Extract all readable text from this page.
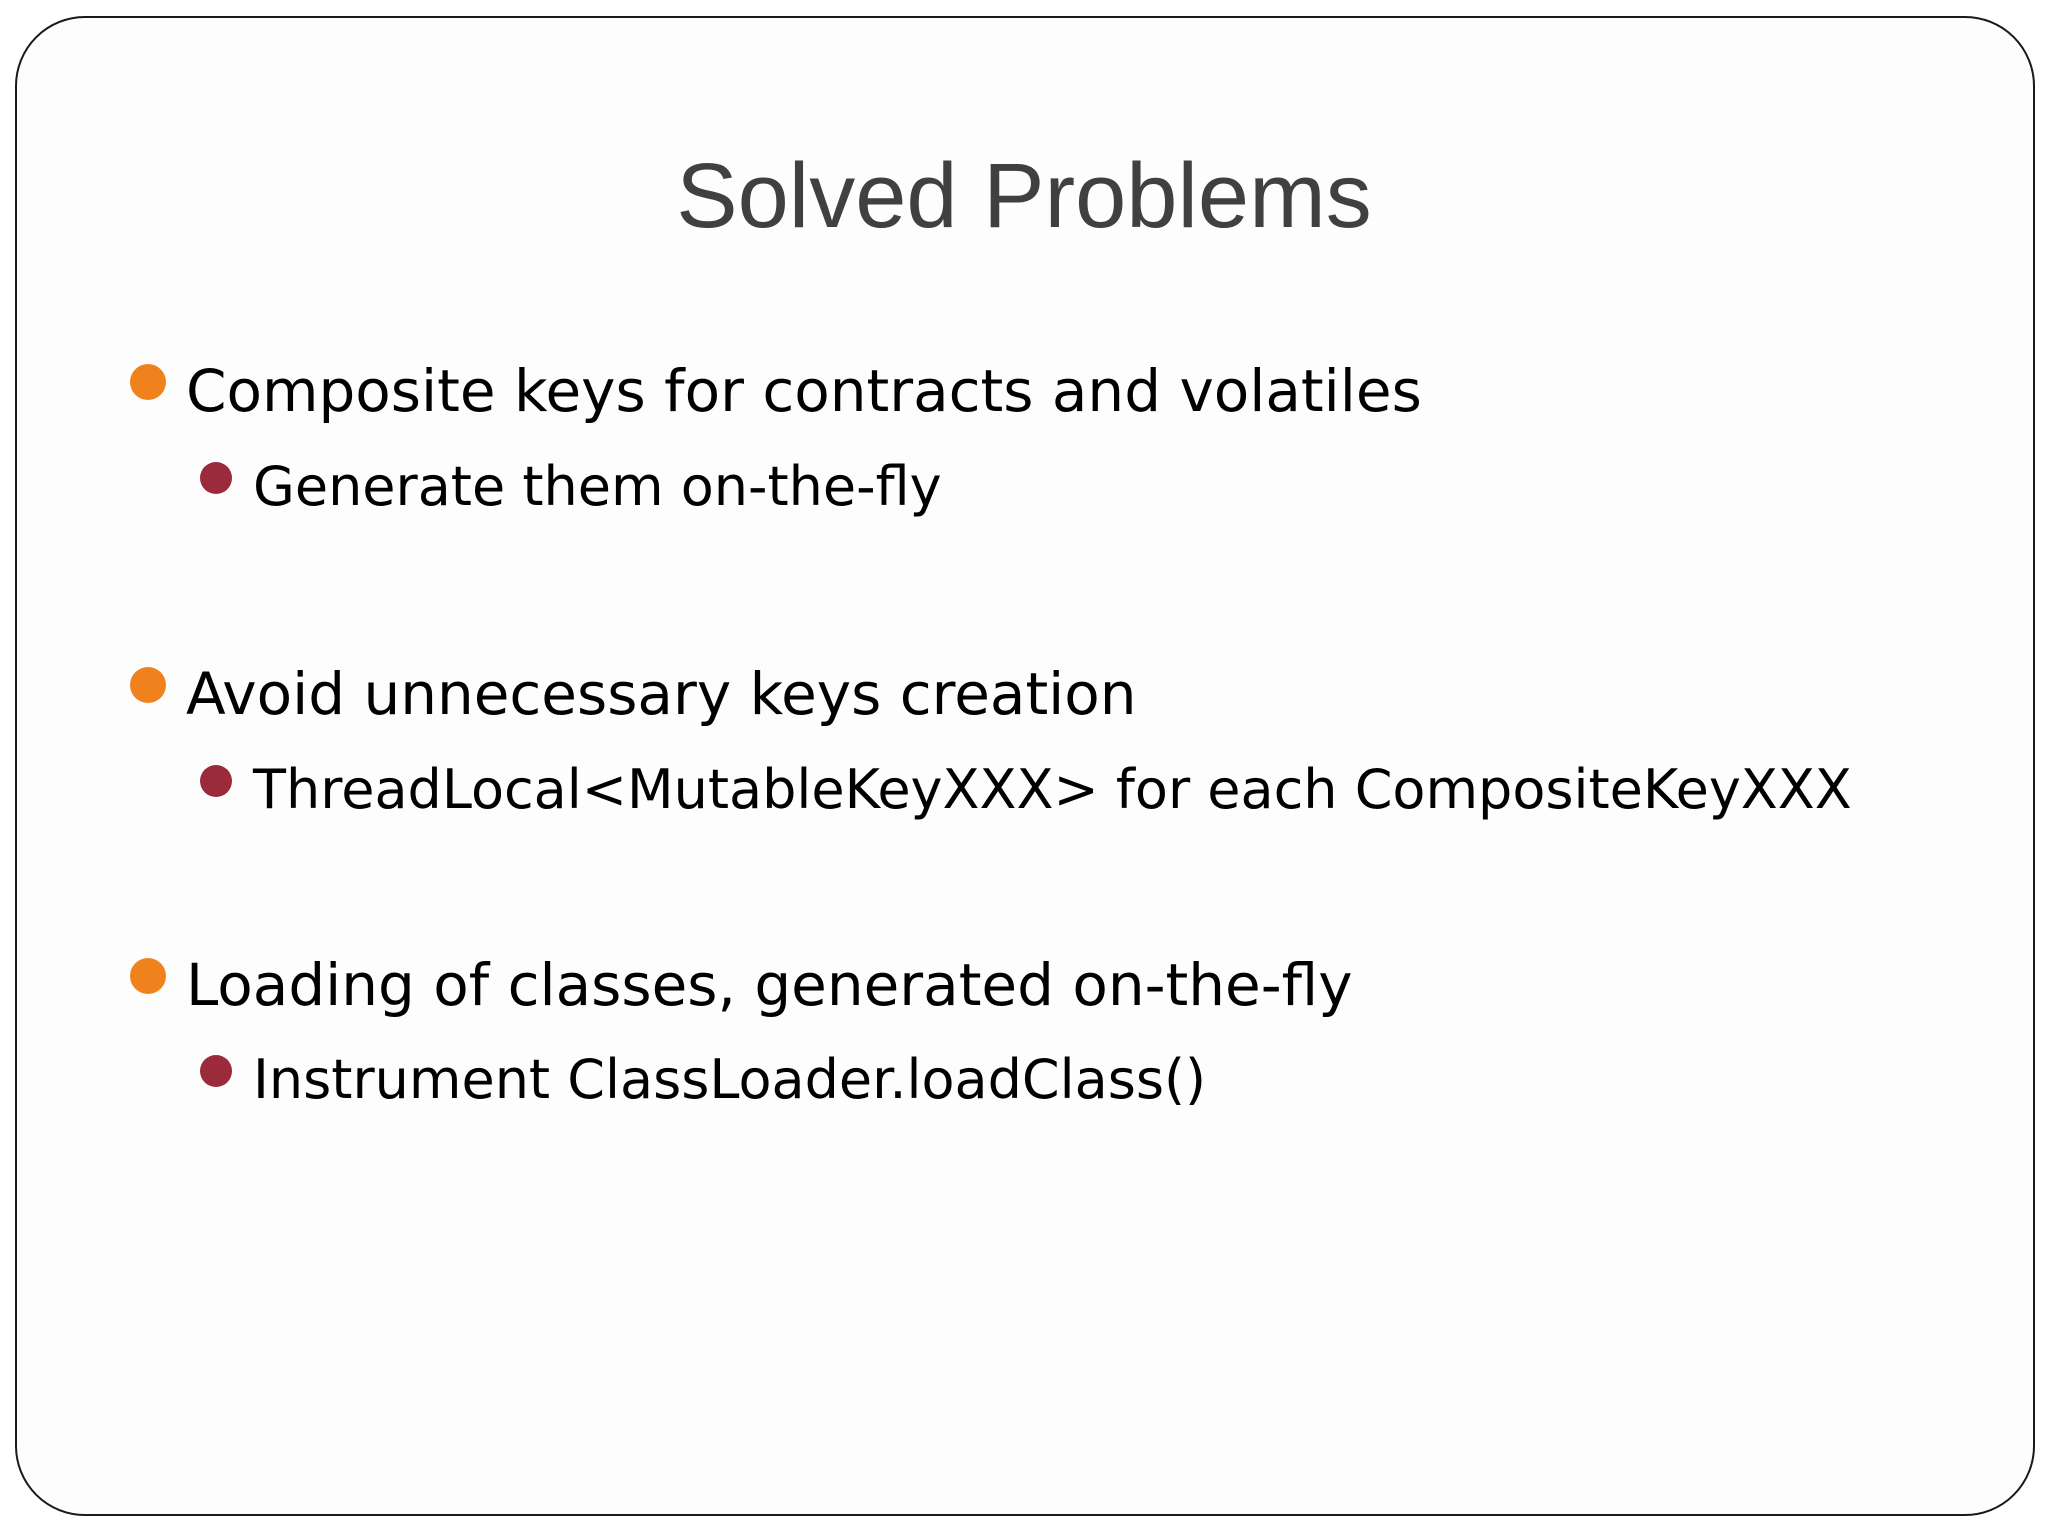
Solved Problems
Composite keys for contracts and volatiles
Generate them on-the-fly
Avoid unnecessary keys creation
ThreadLocal<MutableKeyXXX> for each CompositeKeyXXX
Loading of classes, generated on-the-fly
Instrument ClassLoader.loadClass()
